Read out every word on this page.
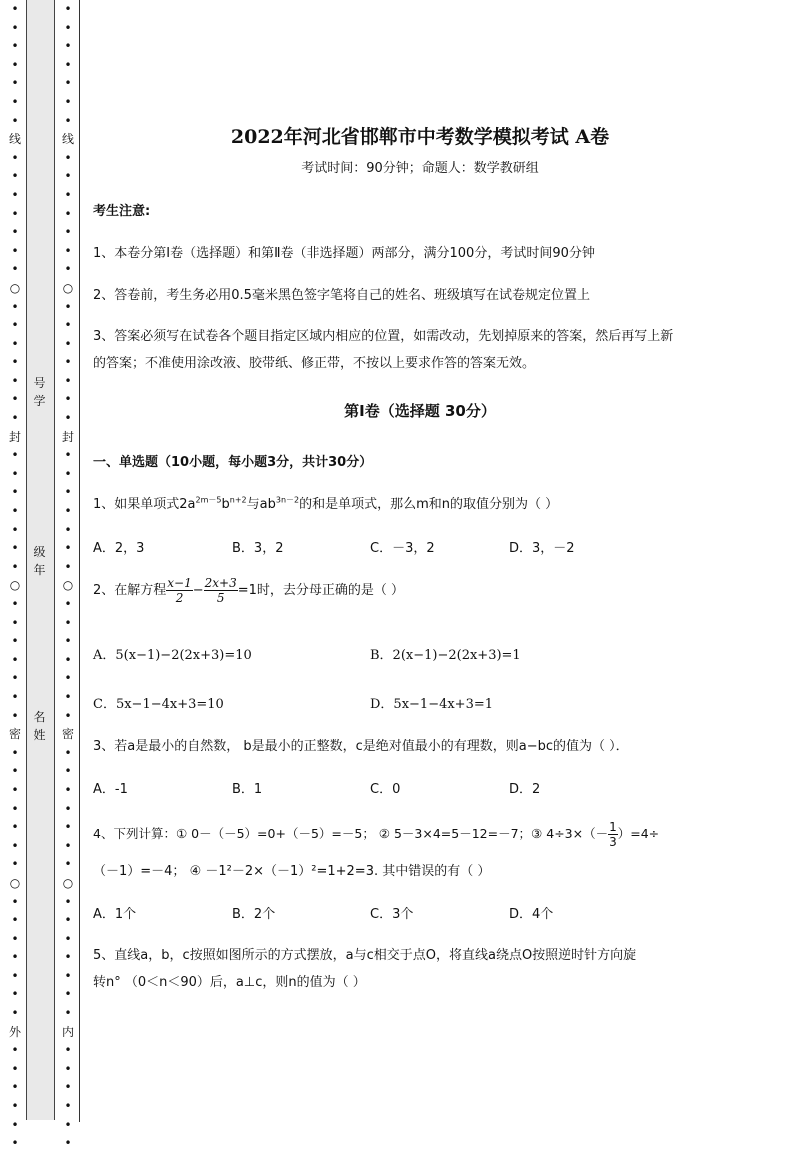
•
•
•
•
•
•
•
线
•
•
•
•
•
•
•
○
•
•
•
•
•
•
•
封
•
•
•
•
•
•
•
○
•
•
•
•
•
•
•
密
•
•
•
•
•
•
•
○
•
•
•
•
•
•
•
外
•
•
•
•
•
•
号
学
级
年
名
姓
•
•
•
•
•
•
•
线
•
•
•
•
•
•
•
○
•
•
•
•
•
•
•
封
•
•
•
•
•
•
•
○
•
•
•
•
•
•
•
密
•
•
•
•
•
•
•
○
•
•
•
•
•
•
•
内
•
•
•
•
•
•
2022年河北省邯郸市中考数学模拟考试 A卷
考试时间：90分钟；命题人：数学教研组
考生注意:
1、本卷分第Ⅰ卷（选择题）和第Ⅱ卷（非选择题）两部分，满分100分，考试时间90分钟
2、答卷前，考生务必用0.5毫米黑色签字笔将自己的姓名、班级填写在试卷规定位置上
3、答案必须写在试卷各个题目指定区域内相应的位置，如需改动，先划掉原来的答案，然后再写上新
的答案；不准使用涂改液、胶带纸、修正带，不按以上要求作答的答案无效。
第Ⅰ卷（选择题 30分）
一、单选题（10小题，每小题3分，共计30分）
1、如果单项式$2a^{2m-5}b^{n+2}$与$ab^{3n-2}$的和是单项式，那么m和n的取值分别为（ ）
A．2，3	B．3，2	C．－3，2	D．3，－2
2、在解方程 $\frac{x-1}{2} - \frac{2x+3}{5} =1$时，去分母正确的是（ ）
A．5(x−1)−2(2x+3)=10	B．2(x−1)−2(2x+3)=1
C．5x−1−4x+3=10	D．5x−1−4x+3=1
3、若a是最小的自然数， b是最小的正整数，c是绝对值最小的有理数，则a−bc的值为（ ）．
A．-1	B．1	C．0	D．2
4、下列计算：① 0－（－5）=0+（－5）=－5； ② 5－3×4=5－12=－7；③ $4\div 3\times(- \frac{1}{3} )=4\div$
（－1）=－4； ④ －1²－2×（－1）²=1+2=3. 其中错误的有（ ）
A．1个	B．2个	C．3个	D．4个
5、直线a，b，c按照如图所示的方式摆放，a与c相交于点O，将直线a绕点O按照逆时针方向旋
转n° （0＜n＜90）后，a⊥c，则n的值为（ ）
